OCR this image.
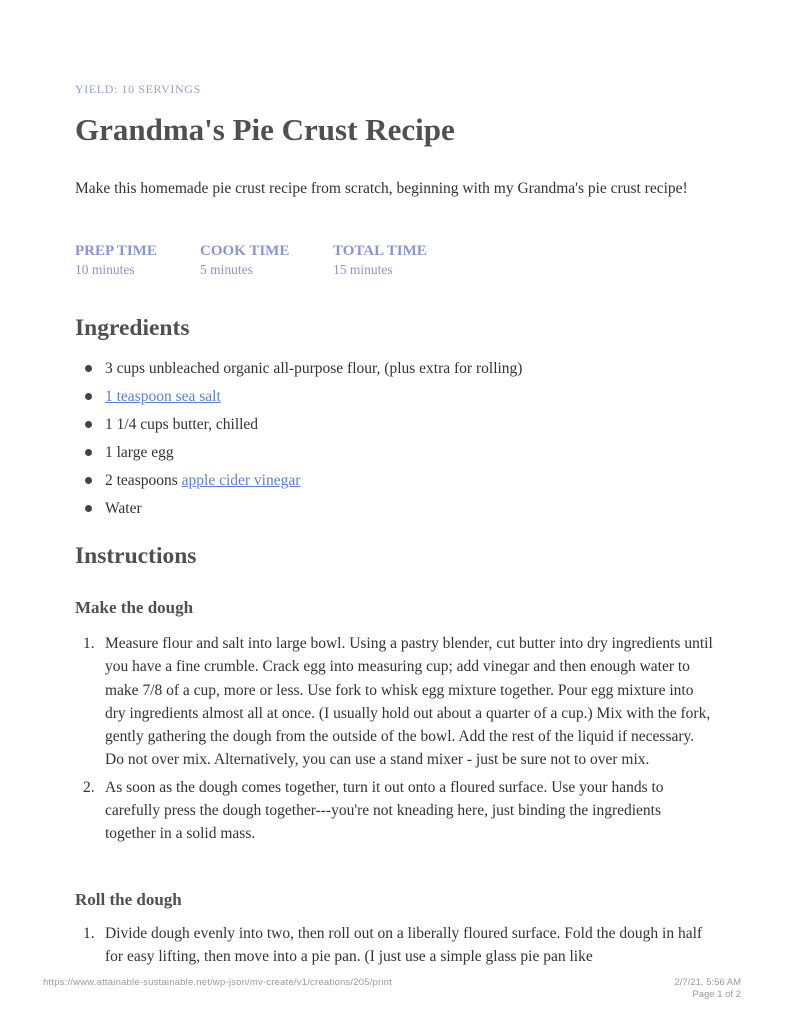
YIELD: 10 SERVINGS
Grandma's Pie Crust Recipe

Make this homemade pie crust recipe from scratch, beginning with my Grandma's pie crust recipe!

PREP TIME
10 minutes
COOK TIME
5 minutes
TOTAL TIME
15 minutes
Ingredients
3 cups unbleached organic all-purpose flour, (plus extra for rolling)
1 teaspoon sea salt
1 1/4 cups butter, chilled
1 large egg
2 teaspoons apple cider vinegar
Water
Instructions
Make the dough
1. Measure flour and salt into large bowl. Using a pastry blender, cut butter into dry ingredients until you have a fine crumble. Crack egg into measuring cup; add vinegar and then enough water to make 7/8 of a cup, more or less. Use fork to whisk egg mixture together. Pour egg mixture into dry ingredients almost all at once. (I usually hold out about a quarter of a cup.) Mix with the fork, gently gathering the dough from the outside of the bowl. Add the rest of the liquid if necessary. Do not over mix. Alternatively, you can use a stand mixer - just be sure not to over mix.
2. As soon as the dough comes together, turn it out onto a floured surface. Use your hands to carefully press the dough together---you're not kneading here, just binding the ingredients together in a solid mass.
Roll the dough
1. Divide dough evenly into two, then roll out on a liberally floured surface. Fold the dough in half for easy lifting, then move into a pie pan. (I just use a simple glass pie pan like
https://www.attainable-sustainable.net/wp-json/mv-create/v1/creations/205/print	2/7/21, 5:56 AM
Page 1 of 2
